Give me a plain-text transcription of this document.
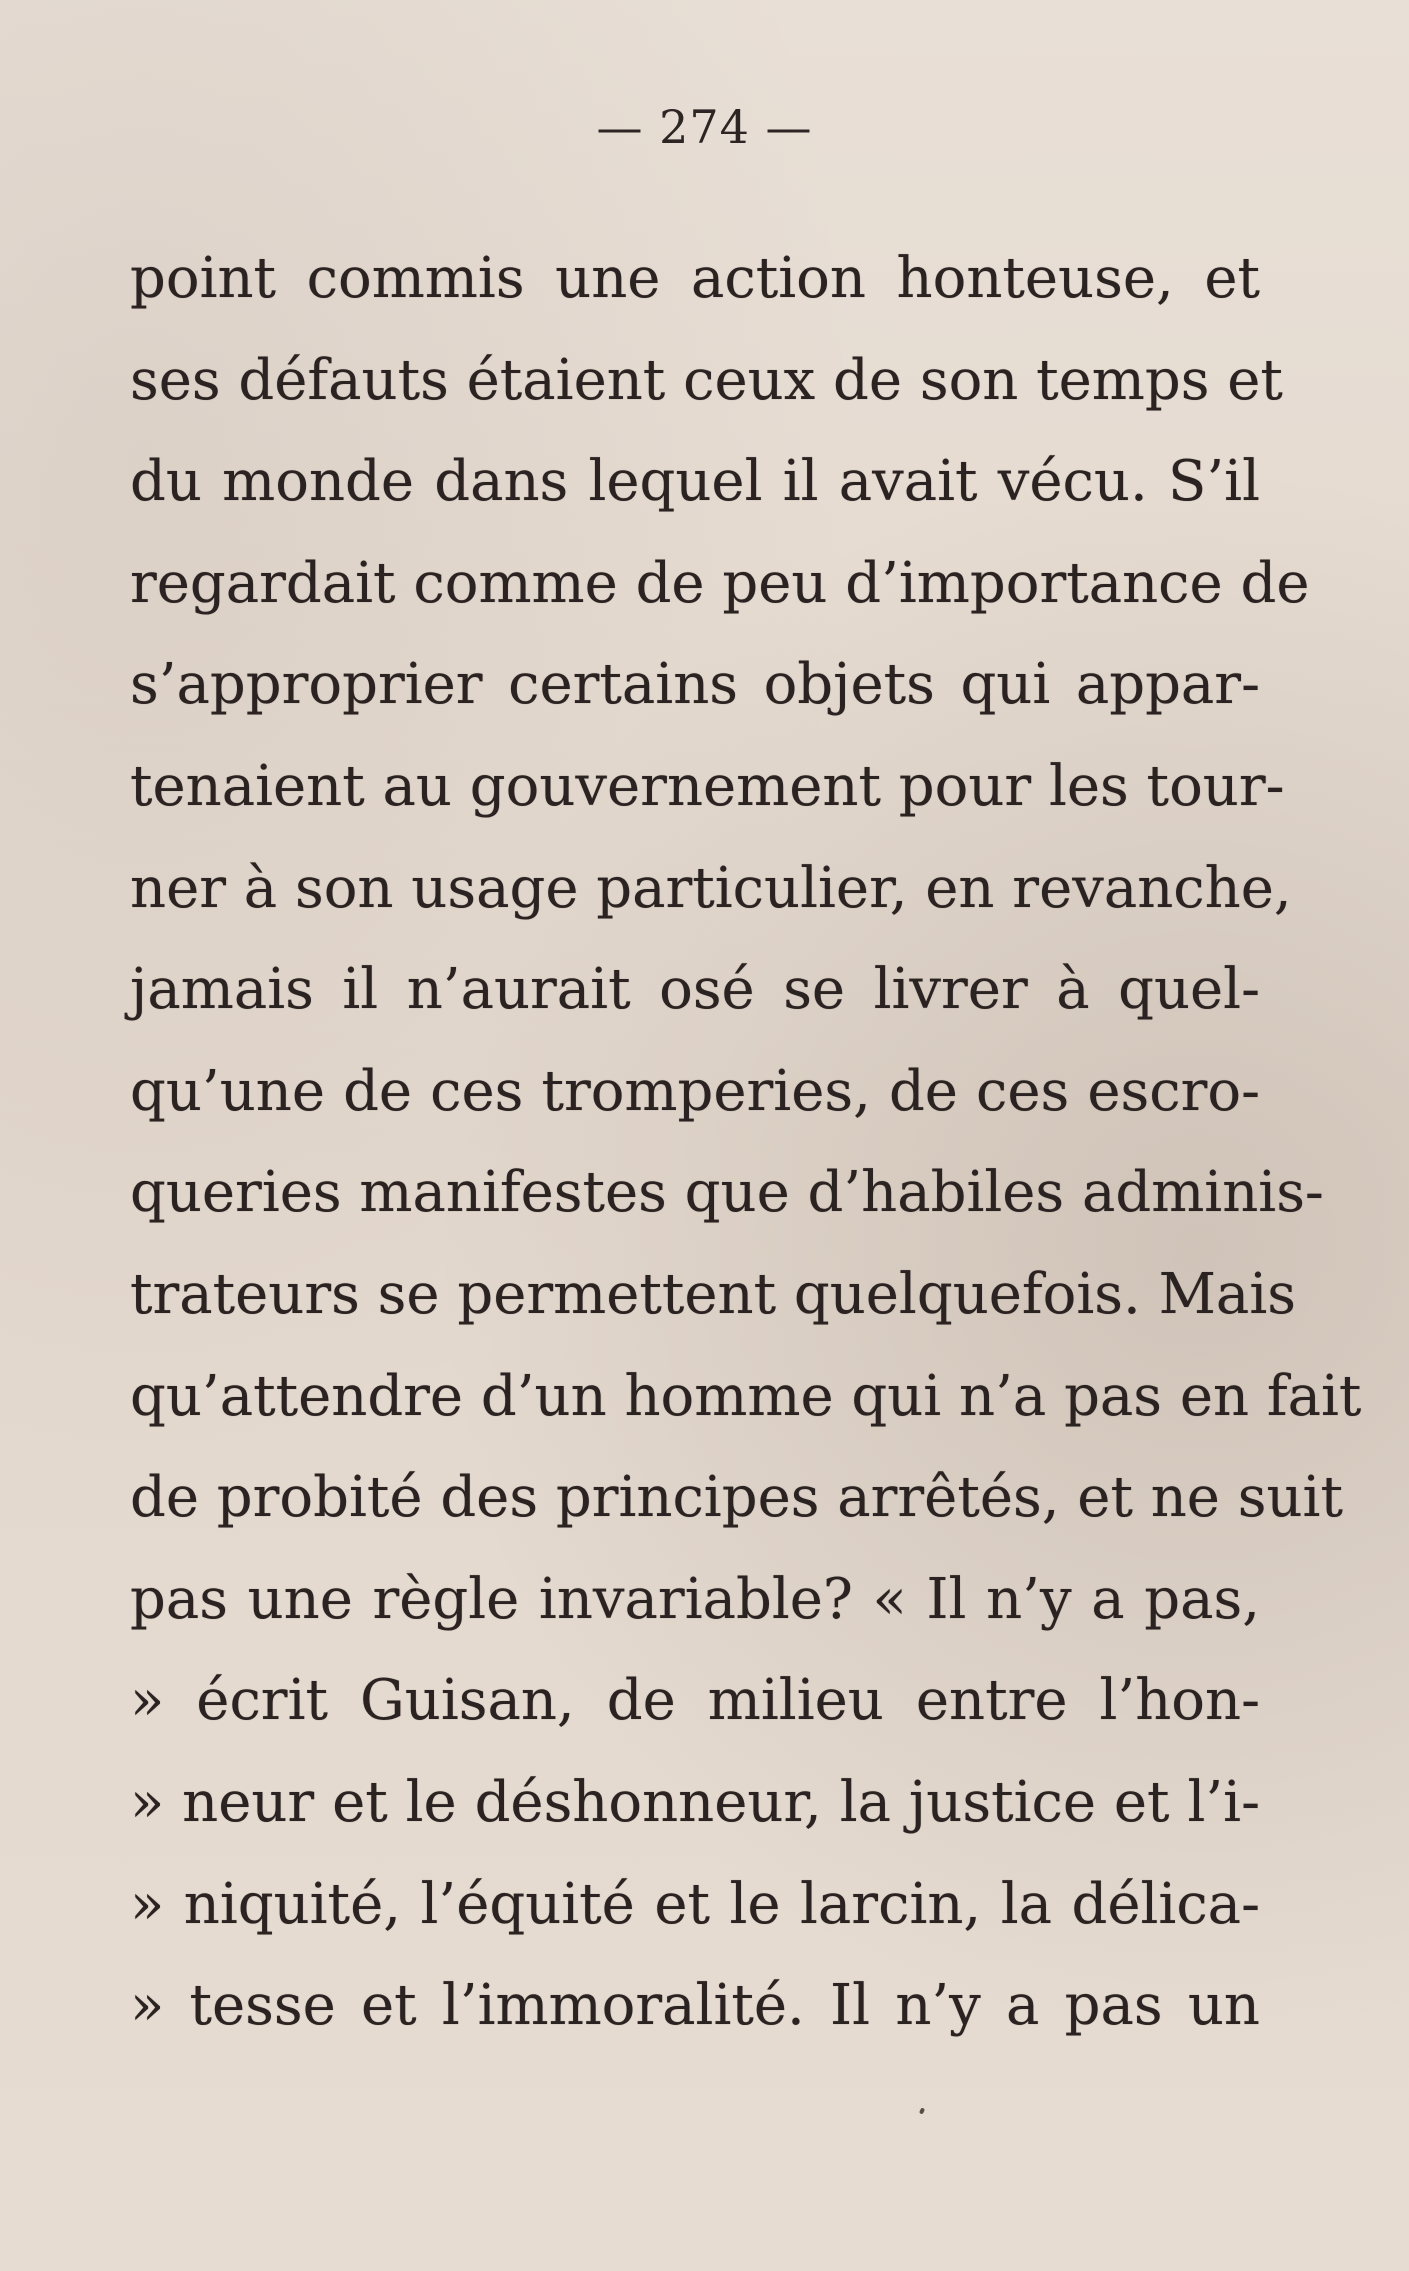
— 274 —
point commis une action honteuse, et
ses défauts étaient ceux de son temps et
du monde dans lequel il avait vécu. S’il
regardait comme de peu d’importance de
s’approprier certains objets qui appar-
tenaient au gouvernement pour les tour-
ner à son usage particulier, en revanche,
jamais il n’aurait osé se livrer à quel-
qu’une de ces tromperies, de ces escro-
queries manifestes que d’habiles adminis-
trateurs se permettent quelquefois. Mais
qu’attendre d’un homme qui n’a pas en fait
de probité des principes arrêtés, et ne suit
pas une règle invariable? « Il n’y a pas,
» écrit Guisan, de milieu entre l’hon-
» neur et le déshonneur, la justice et l’i-
» niquité, l’équité et le larcin, la délica-
» tesse et l’immoralité. Il n’y a pas un
